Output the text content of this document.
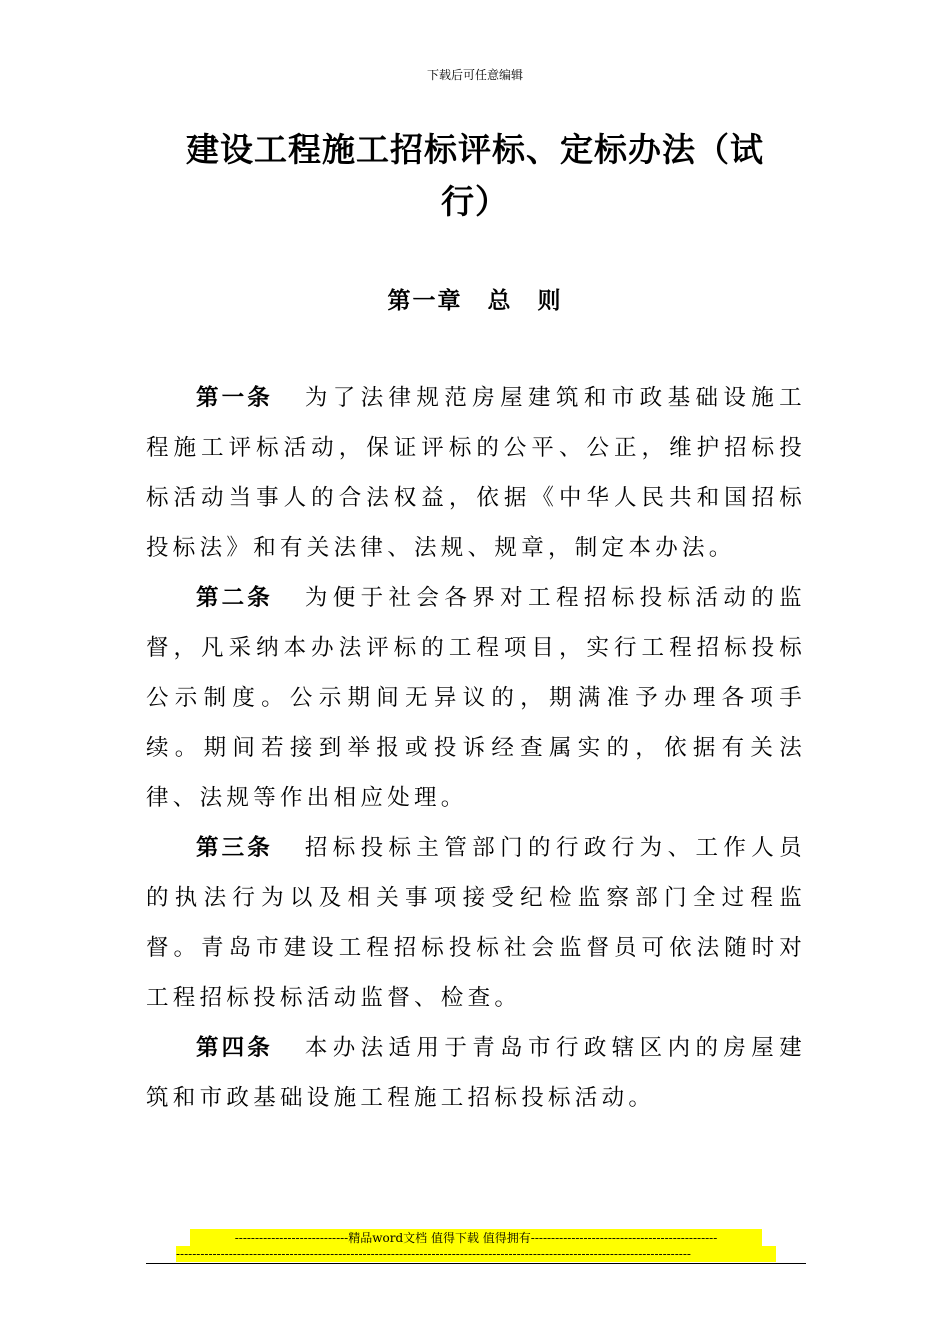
下载后可任意编辑
建设工程施工招标评标、定标办法（试
行）
第一章　总　则

第一条 为了法律规范房屋建筑和市政基础设施工程施工评标活动，保证评标的公平、公正，维护招标投标活动当事人的合法权益，依据《中华人民共和国招标投标法》和有关法律、法规、规章，制定本办法。

第二条 为便于社会各界对工程招标投标活动的监督，凡采纳本办法评标的工程项目，实行工程招标投标公示制度。公示期间无异议的，期满准予办理各项手续。期间若接到举报或投诉经查属实的，依据有关法律、法规等作出相应处理。

第三条 招标投标主管部门的行政行为、工作人员的执法行为以及相关事项接受纪检监察部门全过程监督。青岛市建设工程招标投标社会监督员可依法随时对工程招标投标活动监督、检查。

第四条 本办法适用于青岛市行政辖区内的房屋建筑和市政基础设施工程施工招标投标活动。

----------------------------精品word文档 值得下载 值得拥有----------------------------------------------
-------------------------------------------------------------------------------------------------------------------------------
